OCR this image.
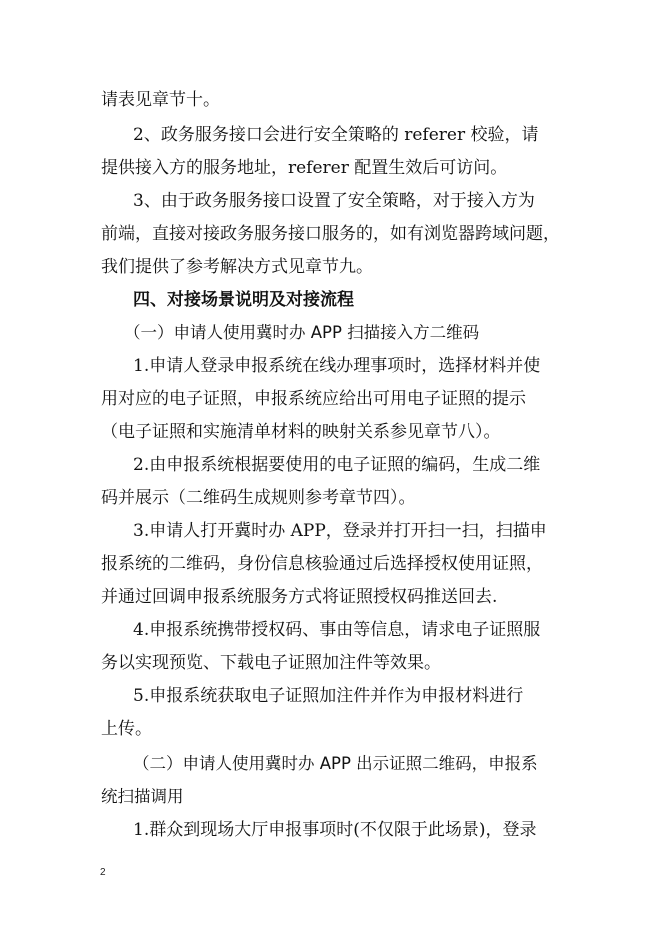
请表见章节十。
2、政务服务接口会进行安全策略的 referer 校验，请
提供接入方的服务地址，referer 配置生效后可访问。
3、由于政务服务接口设置了安全策略，对于接入方为
前端，直接对接政务服务接口服务的，如有浏览器跨域问题，
我们提供了参考解决方式见章节九。
四、对接场景说明及对接流程
（一）申请人使用冀时办 APP 扫描接入方二维码
1.申请人登录申报系统在线办理事项时，选择材料并使
用对应的电子证照，申报系统应给出可用电子证照的提示
（电子证照和实施清单材料的映射关系参见章节八）。
2.由申报系统根据要使用的电子证照的编码，生成二维
码并展示（二维码生成规则参考章节四）。
3.申请人打开冀时办 APP，登录并打开扫一扫，扫描申
报系统的二维码，身份信息核验通过后选择授权使用证照，
并通过回调申报系统服务方式将证照授权码推送回去.
4.申报系统携带授权码、事由等信息，请求电子证照服
务以实现预览、下载电子证照加注件等效果。
5.申报系统获取电子证照加注件并作为申报材料进行
上传。
（二）申请人使用冀时办 APP 出示证照二维码，申报系
统扫描调用
1.群众到现场大厅申报事项时(不仅限于此场景)，登录
2
